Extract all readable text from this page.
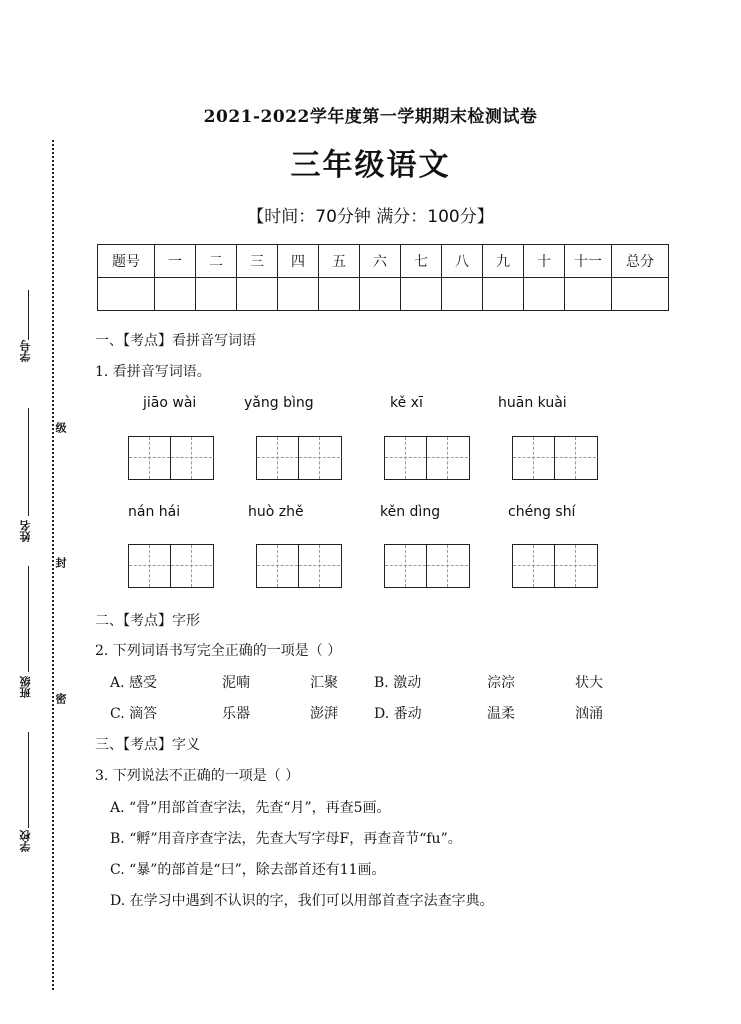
学号
姓名
班级
学校
级
封
密
2021-2022学年度第一学期期末检测试卷
三年级语文
【时间：70分钟 满分：100分】
题号	一	二	三	四	五	六	七	八	九	十	十一	总分

一、【考点】看拼音写词语
1. 看拼音写词语。
jiāo wài	yǎng bìng	kě xī	huān kuài
nán hái	huò zhě	kěn dìng	chéng shí
二、【考点】字形
2. 下列词语书写完全正确的一项是（ ）
A. 感受	泥喃	汇聚	B. 激动	淙淙	状大
C. 滴答	乐器	澎湃	D. 番动	温柔	汹涌
三、【考点】字义
3. 下列说法不正确的一项是（ ）
A. “骨”用部首查字法，先查“月”，再查5画。
B. “孵”用音序查字法，先查大写字母F，再查音节“fu”。
C. “暴”的部首是“曰”，除去部首还有11画。
D. 在学习中遇到不认识的字，我们可以用部首查字法查字典。
